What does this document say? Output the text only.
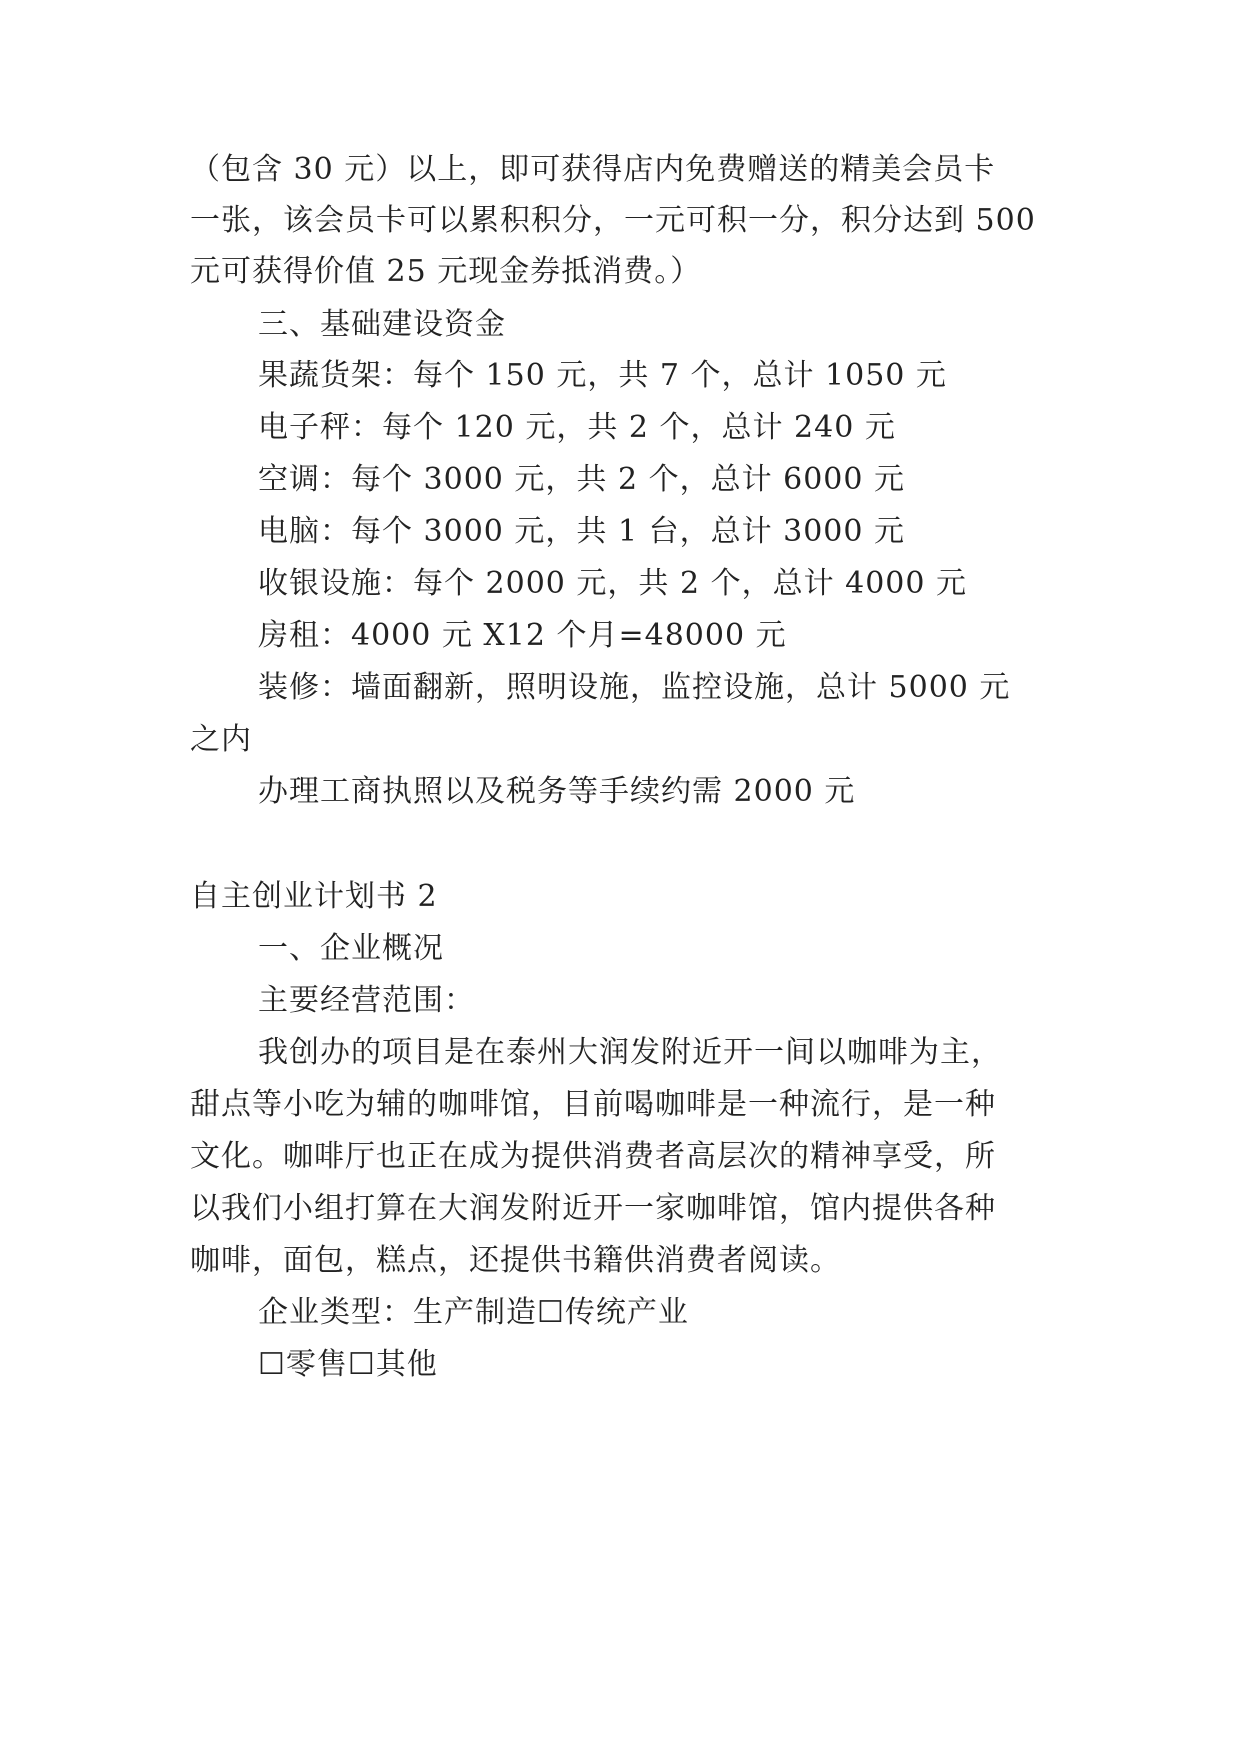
（包含 30 元）以上，即可获得店内免费赠送的精美会员卡
一张，该会员卡可以累积积分，一元可积一分，积分达到 500
元可获得价值 25 元现金券抵消费。）
三、基础建设资金
果蔬货架：每个 150 元，共 7 个，总计 1050 元
电子秤：每个 120 元，共 2 个，总计 240 元
空调：每个 3000 元，共 2 个，总计 6000 元
电脑：每个 3000 元，共 1 台，总计 3000 元
收银设施：每个 2000 元，共 2 个，总计 4000 元
房租：4000 元 X12 个月=48000 元
装修：墙面翻新，照明设施，监控设施，总计 5000 元
之内
办理工商执照以及税务等手续约需 2000 元
自主创业计划书 2
一、企业概况
主要经营范围：
我创办的项目是在泰州大润发附近开一间以咖啡为主，
甜点等小吃为辅的咖啡馆，目前喝咖啡是一种流行，是一种
文化。咖啡厅也正在成为提供消费者高层次的精神享受，所
以我们小组打算在大润发附近开一家咖啡馆，馆内提供各种
咖啡，面包，糕点，还提供书籍供消费者阅读。
企业类型：生产制造☐传统产业
☐零售☐其他
